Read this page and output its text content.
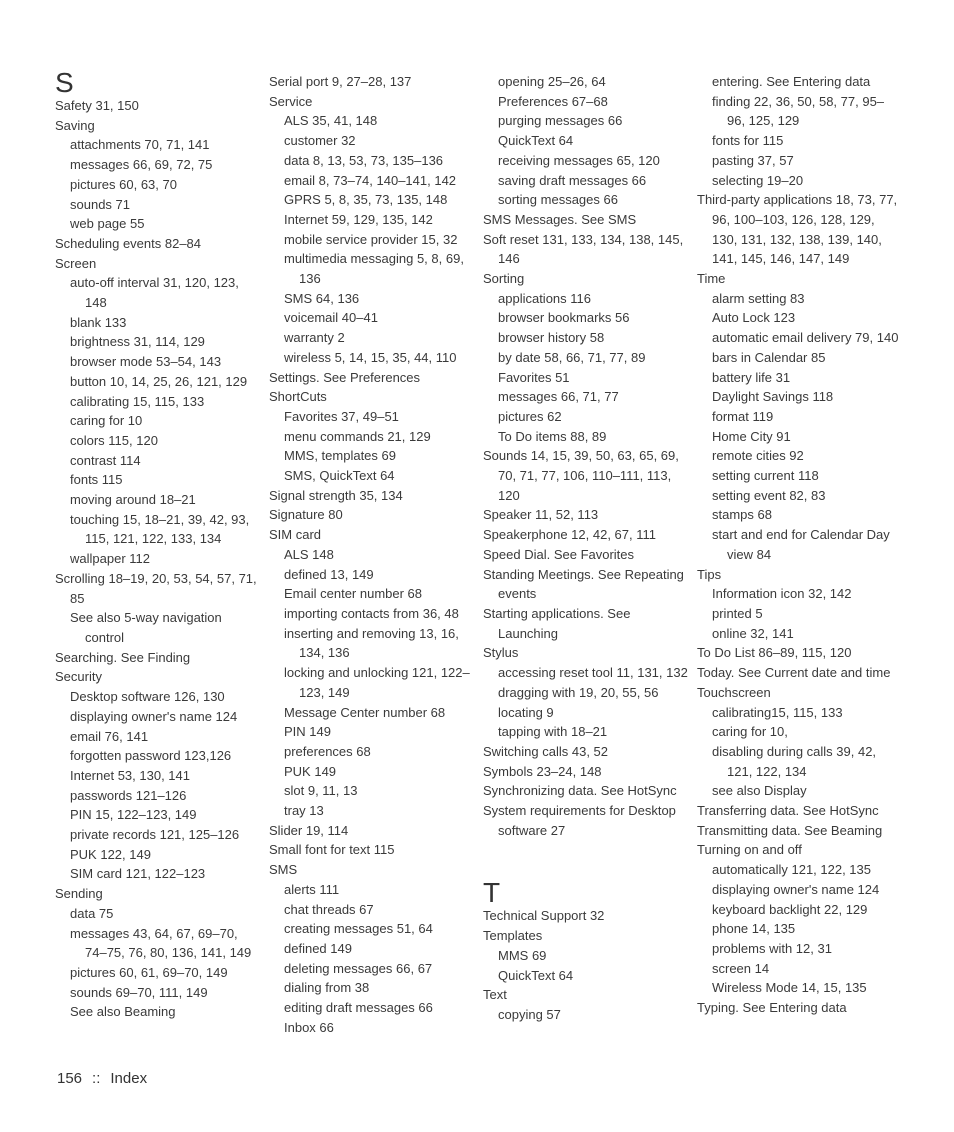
S
Safety 31, 150
Saving
attachments 70, 71, 141
messages 66, 69, 72, 75
pictures 60, 63, 70
sounds 71
web page 55
Scheduling events 82–84
Screen
auto-off interval 31, 120, 123, 148
blank 133
brightness 31, 114, 129
browser mode 53–54, 143
button 10, 14, 25, 26, 121, 129
calibrating 15, 115, 133
caring for 10
colors 115, 120
contrast 114
fonts 115
moving around 18–21
touching 15, 18–21, 39, 42, 93, 115, 121, 122, 133, 134
wallpaper 112
Scrolling 18–19, 20, 53, 54, 57, 71, 85
See also 5-way navigation control
Searching. See Finding
Security
Desktop software 126, 130
displaying owner's name 124
email 76, 141
forgotten password 123,126
Internet 53, 130, 141
passwords 121–126
PIN 15, 122–123, 149
private records 121, 125–126
PUK 122, 149
SIM card 121, 122–123
Sending
data 75
messages 43, 64, 67, 69–70, 74–75, 76, 80, 136, 141, 149
pictures 60, 61, 69–70, 149
sounds 69–70, 111, 149
See also Beaming
Serial port 9, 27–28, 137
Service
ALS 35, 41, 148
customer 32
data 8, 13, 53, 73, 135–136
email 8, 73–74, 140–141, 142
GPRS 5, 8, 35, 73, 135, 148
Internet 59, 129, 135, 142
mobile service provider 15, 32
multimedia messaging 5, 8, 69, 136
SMS 64, 136
voicemail 40–41
warranty 2
wireless 5, 14, 15, 35, 44, 110
Settings. See Preferences
ShortCuts
Favorites 37, 49–51
menu commands 21, 129
MMS, templates 69
SMS, QuickText 64
Signal strength 35, 134
Signature 80
SIM card
ALS 148
defined 13, 149
Email center number 68
importing contacts from 36, 48
inserting and removing 13, 16, 134, 136
locking and unlocking 121, 122–123, 149
Message Center number 68
PIN 149
preferences 68
PUK 149
slot 9, 11, 13
tray 13
Slider 19, 114
Small font for text 115
SMS
alerts 111
chat threads 67
creating messages 51, 64
defined 149
deleting messages 66, 67
dialing from 38
editing draft messages 66
Inbox 66
opening 25–26, 64
Preferences 67–68
purging messages 66
QuickText 64
receiving messages 65, 120
saving draft messages 66
sorting messages 66
SMS Messages. See SMS
Soft reset 131, 133, 134, 138, 145, 146
Sorting
applications 116
browser bookmarks 56
browser history 58
by date 58, 66, 71, 77, 89
Favorites 51
messages 66, 71, 77
pictures 62
To Do items 88, 89
Sounds 14, 15, 39, 50, 63, 65, 69, 70, 71, 77, 106, 110–111, 113, 120
Speaker 11, 52, 113
Speakerphone 12, 42, 67, 111
Speed Dial. See Favorites
Standing Meetings. See Repeating events
Starting applications. See Launching
Stylus
accessing reset tool 11, 131, 132
dragging with 19, 20, 55, 56
locating 9
tapping with 18–21
Switching calls 43, 52
Symbols 23–24, 148
Synchronizing data. See HotSync
System requirements for Desktop software 27
T
Technical Support 32
Templates
MMS 69
QuickText 64
Text
copying 57
entering. See Entering data
finding 22, 36, 50, 58, 77, 95–96, 125, 129
fonts for 115
pasting 37, 57
selecting 19–20
Third-party applications 18, 73, 77, 96, 100–103, 126, 128, 129, 130, 131, 132, 138, 139, 140, 141, 145, 146, 147, 149
Time
alarm setting 83
Auto Lock 123
automatic email delivery 79, 140
bars in Calendar 85
battery life 31
Daylight Savings 118
format 119
Home City 91
remote cities 92
setting current 118
setting event 82, 83
stamps 68
start and end for Calendar Day view 84
Tips
Information icon 32, 142
printed 5
online 32, 141
To Do List 86–89, 115, 120
Today. See Current date and time
Touchscreen
calibrating15, 115, 133
caring for 10,
disabling during calls 39, 42, 121, 122, 134
see also Display
Transferring data. See HotSync
Transmitting data. See Beaming
Turning on and off
automatically 121, 122, 135
displaying owner's name 124
keyboard backlight 22, 129
phone 14, 135
problems with 12, 31
screen 14
Wireless Mode 14, 15, 135
Typing. See Entering data
156 :: Index
